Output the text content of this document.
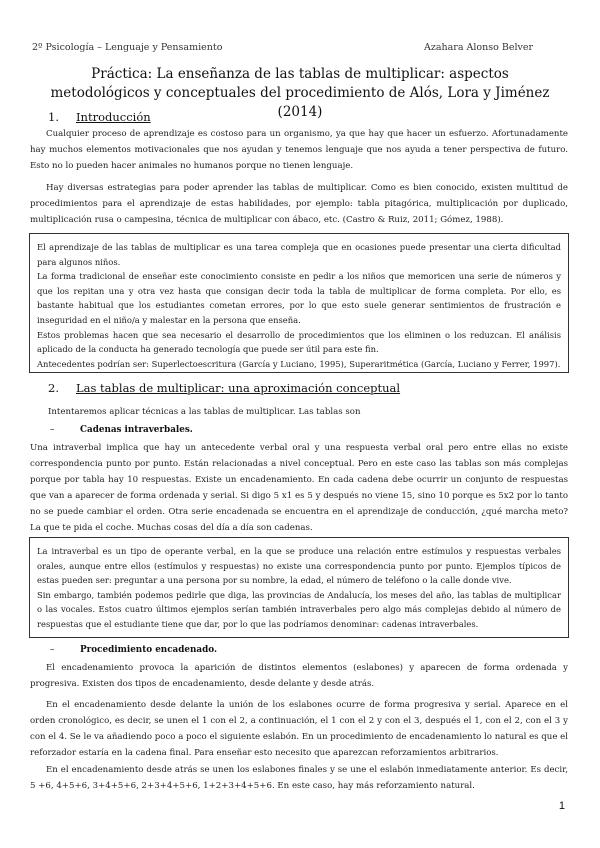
2º Psicología – Lenguaje y Pensamiento	Azahara Alonso Belver
Práctica: La enseñanza de las tablas de multiplicar: aspectos metodológicos y conceptuales del procedimiento de Alós, Lora y Jiménez (2014)
1. Introducción
Cualquier proceso de aprendizaje es costoso para un organismo, ya que hay que hacer un esfuerzo. Afortunadamente hay muchos elementos motivacionales que nos ayudan y tenemos lenguaje que nos ayuda a tener perspectiva de futuro. Esto no lo pueden hacer animales no humanos porque no tienen lenguaje.
Hay diversas estrategias para poder aprender las tablas de multiplicar. Como es bien conocido, existen multitud de procedimientos para el aprendizaje de estas habilidades, por ejemplo: tabla pitagórica, multiplicación por duplicado, multiplicación rusa o campesina, técnica de multiplicar con ábaco, etc. (Castro & Ruiz, 2011; Gómez, 1988).
El aprendizaje de las tablas de multiplicar es una tarea compleja que en ocasiones puede presentar una cierta dificultad para algunos niños.
La forma tradicional de enseñar este conocimiento consiste en pedir a los niños que memoricen una serie de números y que los repitan una y otra vez hasta que consigan decir toda la tabla de multiplicar de forma completa. Por ello, es bastante habitual que los estudiantes cometan errores, por lo que esto suele generar sentimientos de frustración e inseguridad en el niño/a y malestar en la persona que enseña.
Estos problemas hacen que sea necesario el desarrollo de procedimientos que los eliminen o los reduzcan. El análisis aplicado de la conducta ha generado tecnología que puede ser útil para este fin.
Antecedentes podrían ser: Superlectoescritura (García y Luciano, 1995), Superaritmética (García, Luciano y Ferrer, 1997).
2. Las tablas de multiplicar: una aproximación conceptual
Intentaremos aplicar técnicas a las tablas de multiplicar. Las tablas son
–	Cadenas intraverbales.
Una intraverbal implica que hay un antecedente verbal oral y una respuesta verbal oral pero entre ellas no existe correspondencia punto por punto. Están relacionadas a nivel conceptual. Pero en este caso las tablas son más complejas porque por tabla hay 10 respuestas. Existe un encadenamiento. En cada cadena debe ocurrir un conjunto de respuestas que van a aparecer de forma ordenada y serial. Si digo 5 x1 es 5 y después no viene 15, sino 10 porque es 5x2 por lo tanto no se puede cambiar el orden. Otra serie encadenada se encuentra en el aprendizaje de conducción, ¿qué marcha meto? La que te pida el coche. Muchas cosas del día a día son cadenas.
La intraverbal es un tipo de operante verbal, en la que se produce una relación entre estímulos y respuestas verbales orales, aunque entre ellos (estímulos y respuestas) no existe una correspondencia punto por punto. Ejemplos típicos de estas pueden ser: preguntar a una persona por su nombre, la edad, el número de teléfono o la calle donde vive.
Sin embargo, también podemos pedirle que diga, las provincias de Andalucía, los meses del año, las tablas de multiplicar o las vocales. Estos cuatro últimos ejemplos serían también intraverbales pero algo más complejas debido al número de respuestas que el estudiante tiene que dar, por lo que las podríamos denominar: cadenas intraverbales.
–	Procedimiento encadenado.
El encadenamiento provoca la aparición de distintos elementos (eslabones) y aparecen de forma ordenada y progresiva. Existen dos tipos de encadenamiento, desde delante y desde atrás.
En el encadenamiento desde delante la unión de los eslabones ocurre de forma progresiva y serial. Aparece en el orden cronológico, es decir, se unen el 1 con el 2, a continuación, el 1 con el 2 y con el 3, después el 1, con el 2, con el 3 y con el 4. Se le va añadiendo poco a poco el siguiente eslabón. En un procedimiento de encadenamiento lo natural es que el reforzador estaría en la cadena final. Para enseñar esto necesito que aparezcan reforzamientos arbitrarios.
En el encadenamiento desde atrás se unen los eslabones finales y se une el eslabón inmediatamente anterior. Es decir, 5 +6, 4+5+6, 3+4+5+6, 2+3+4+5+6, 1+2+3+4+5+6. En este caso, hay más reforzamiento natural.
1
